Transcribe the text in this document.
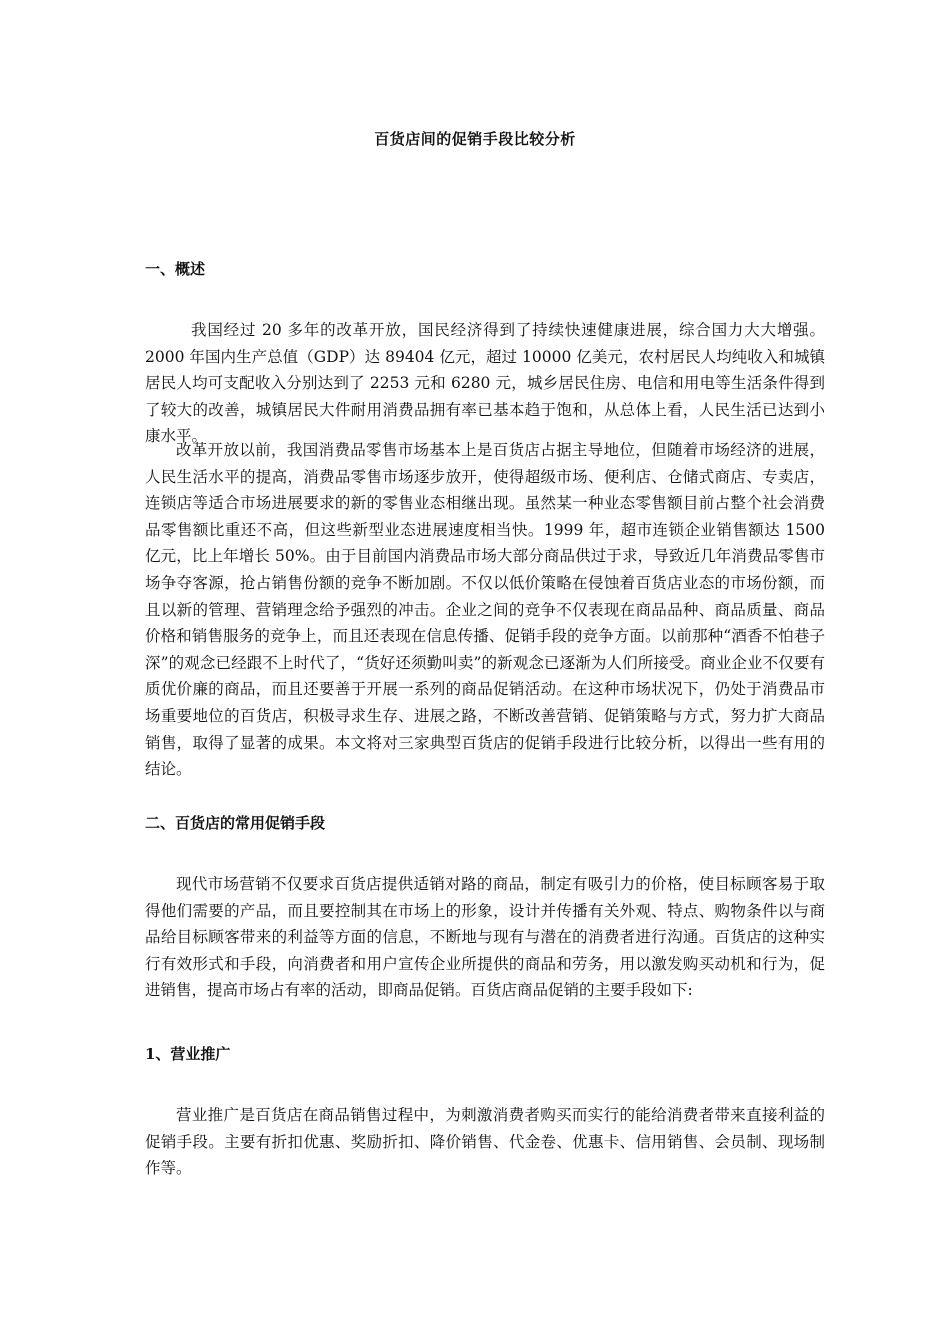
百货店间的促销手段比较分析
一、概述

我国经过 20 多年的改革开放，国民经济得到了持续快速健康进展，综合国力大大增强。2000 年国内生产总值（GDP）达 89404 亿元，超过 10000 亿美元，农村居民人均纯收入和城镇居民人均可支配收入分别达到了 2253 元和 6280 元，城乡居民住房、电信和用电等生活条件得到了较大的改善，城镇居民大件耐用消费品拥有率已基本趋于饱和，从总体上看，人民生活已达到小康水平。

改革开放以前，我国消费品零售市场基本上是百货店占据主导地位，但随着市场经济的进展，人民生活水平的提高，消费品零售市场逐步放开，使得超级市场、便利店、仓储式商店、专卖店，连锁店等适合市场进展要求的新的零售业态相继出现。虽然某一种业态零售额目前占整个社会消费品零售额比重还不高，但这些新型业态进展速度相当快。1999 年，超市连锁企业销售额达 1500 亿元，比上年增长 50%。由于目前国内消费品市场大部分商品供过于求，导致近几年消费品零售市场争夺客源，抢占销售份额的竞争不断加剧。不仅以低价策略在侵蚀着百货店业态的市场份额，而且以新的管理、营销理念给予强烈的冲击。企业之间的竞争不仅表现在商品品种、商品质量、商品价格和销售服务的竞争上，而且还表现在信息传播、促销手段的竞争方面。以前那种“酒香不怕巷子深”的观念已经跟不上时代了，“货好还须勤叫卖”的新观念已逐渐为人们所接受。商业企业不仅要有质优价廉的商品，而且还要善于开展一系列的商品促销活动。在这种市场状况下，仍处于消费品市场重要地位的百货店，积极寻求生存、进展之路，不断改善营销、促销策略与方式，努力扩大商品销售，取得了显著的成果。本文将对三家典型百货店的促销手段进行比较分析，以得出一些有用的结论。

二、百货店的常用促销手段

现代市场营销不仅要求百货店提供适销对路的商品，制定有吸引力的价格，使目标顾客易于取得他们需要的产品，而且要控制其在市场上的形象，设计并传播有关外观、特点、购物条件以与商品给目标顾客带来的利益等方面的信息，不断地与现有与潜在的消费者进行沟通。百货店的这种实行有效形式和手段，向消费者和用户宣传企业所提供的商品和劳务，用以激发购买动机和行为，促进销售，提高市场占有率的活动，即商品促销。百货店商品促销的主要手段如下:

1、营业推广

营业推广是百货店在商品销售过程中，为刺激消费者购买而实行的能给消费者带来直接利益的促销手段。主要有折扣优惠、奖励折扣、降价销售、代金卷、优惠卡、信用销售、会员制、现场制作等。
